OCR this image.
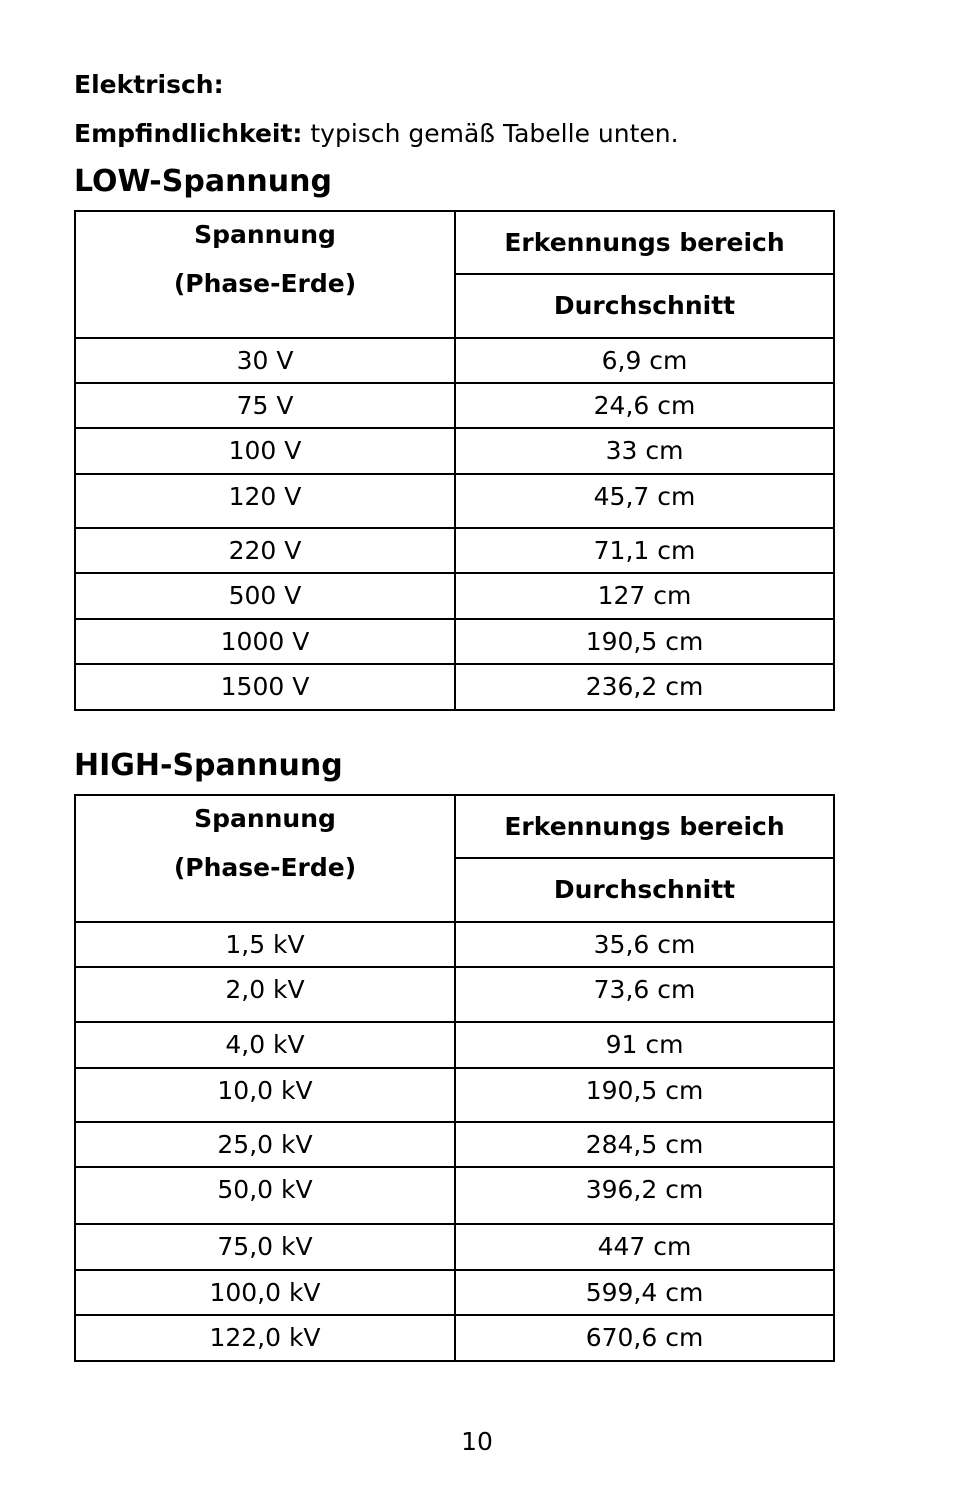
Elektrisch:
Empfindlichkeit: typisch gemäß Tabelle unten.
LOW-Spannung
Spannung
(Phase-Erde)	Erkennungs bereich
	Durchschnitt
30 V	6,9 cm
75 V	24,6 cm
100 V	33 cm
120 V	45,7 cm
220 V	71,1 cm
500 V	127 cm
1000 V	190,5 cm
1500 V	236,2 cm
HIGH-Spannung
Spannung
(Phase-Erde)	Erkennungs bereich
	Durchschnitt
1,5 kV	35,6 cm
2,0 kV	73,6 cm
4,0 kV	91 cm
10,0 kV	190,5 cm
25,0 kV	284,5 cm
50,0 kV	396,2 cm
75,0 kV	447 cm
100,0 kV	599,4 cm
122,0 kV	670,6 cm
10
